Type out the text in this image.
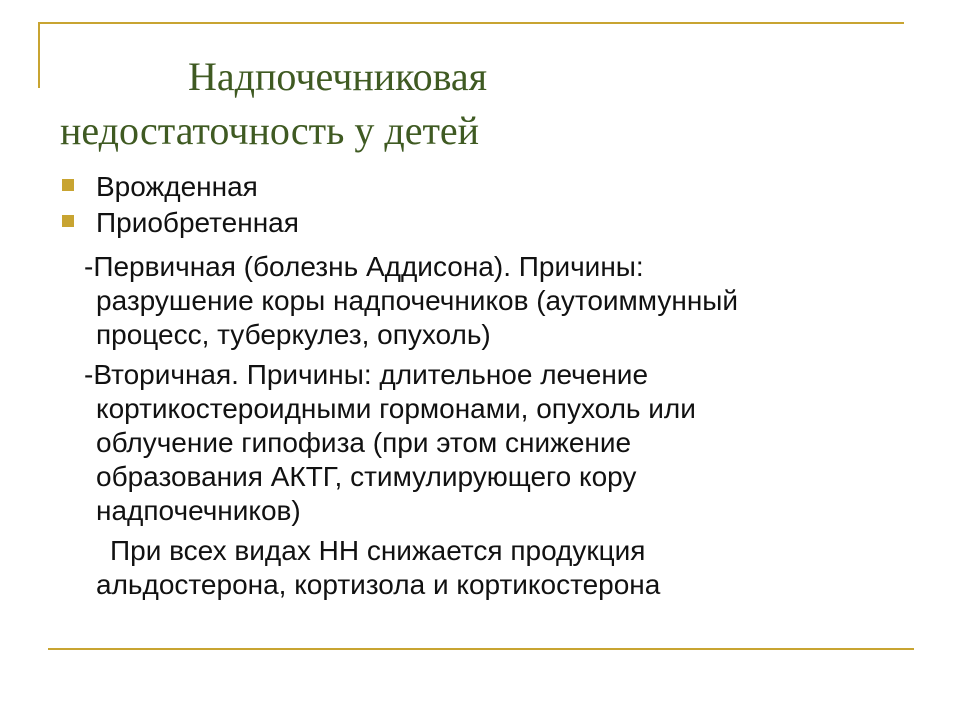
Надпочечниковая
недостаточность у детей
Врожденная
Приобретенная
-Первичная (болезнь Аддисона). Причины:
разрушение коры надпочечников (аутоиммунный
процесс, туберкулез, опухоль)
-Вторичная. Причины: длительное лечение
кортикостероидными гормонами, опухоль или
облучение гипофиза (при этом снижение
образования АКТГ, стимулирующего кору
надпочечников)
При всех видах НН снижается продукция
альдостерона, кортизола и кортикостерона
